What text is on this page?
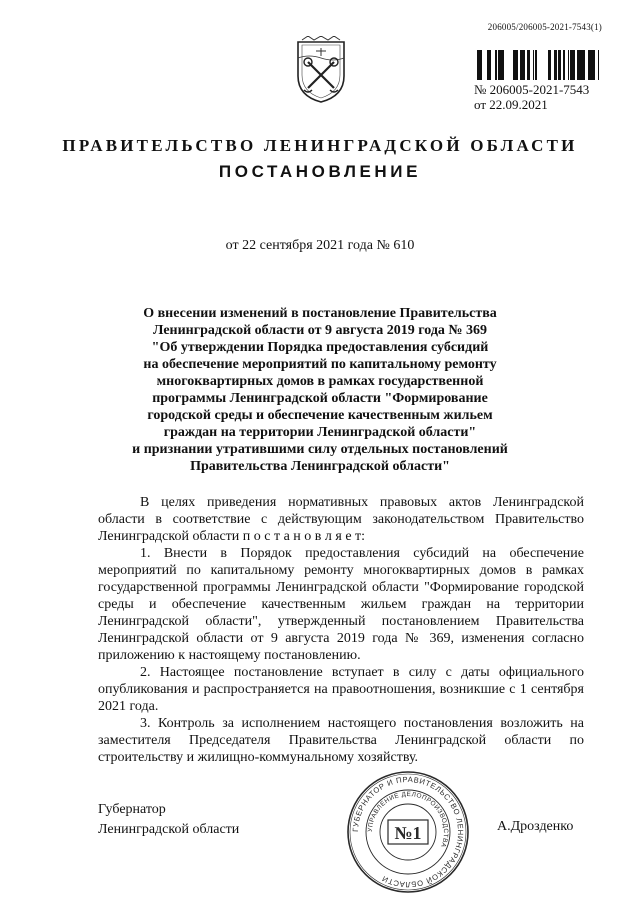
206005/206005-2021-7543(1)
№ 206005-2021-7543
от 22.09.2021
ПРАВИТЕЛЬСТВО ЛЕНИНГРАДСКОЙ ОБЛАСТИ
ПОСТАНОВЛЕНИЕ
от 22 сентября 2021 года № 610
О внесении изменений в постановление Правительства
Ленинградской области от 9 августа 2019 года № 369
"Об утверждении Порядка предоставления субсидий
на обеспечение мероприятий по капитальному ремонту
многоквартирных домов в рамках государственной
программы Ленинградской области "Формирование
городской среды и обеспечение качественным жильем
граждан на территории Ленинградской области"
и признании утратившими силу отдельных постановлений
Правительства Ленинградской области"

В целях приведения нормативных правовых актов Ленинградской области в соответствие с действующим законодательством Правительство Ленинградской области п о с т а н о в л я е т:

1. Внести в Порядок предоставления субсидий на обеспечение мероприятий по капитальному ремонту многоквартирных домов в рамках государственной программы Ленинградской области "Формирование городской среды и обеспечение качественным жильем граждан на территории Ленинградской области", утвержденный постановлением Правительства Ленинградской области от 9 августа 2019 года № 369, изменения согласно приложению к настоящему постановлению.

2. Настоящее постановление вступает в силу с даты официального опубликования и распространяется на правоотношения, возникшие с 1 сентября 2021 года.

3. Контроль за исполнением настоящего постановления возложить на заместителя Председателя Правительства Ленинградской области по строительству и жилищно-коммунальному хозяйству.

Губернатор
Ленинградской области	ГУБЕРНАТОР И ПРАВИТЕЛЬСТВО ЛЕНИНГРАДСКОЙ ОБЛАСТИ
УПРАВЛЕНИЕ ДЕЛОПРОИЗВОДСТВА
№1	А.Дрозденко
